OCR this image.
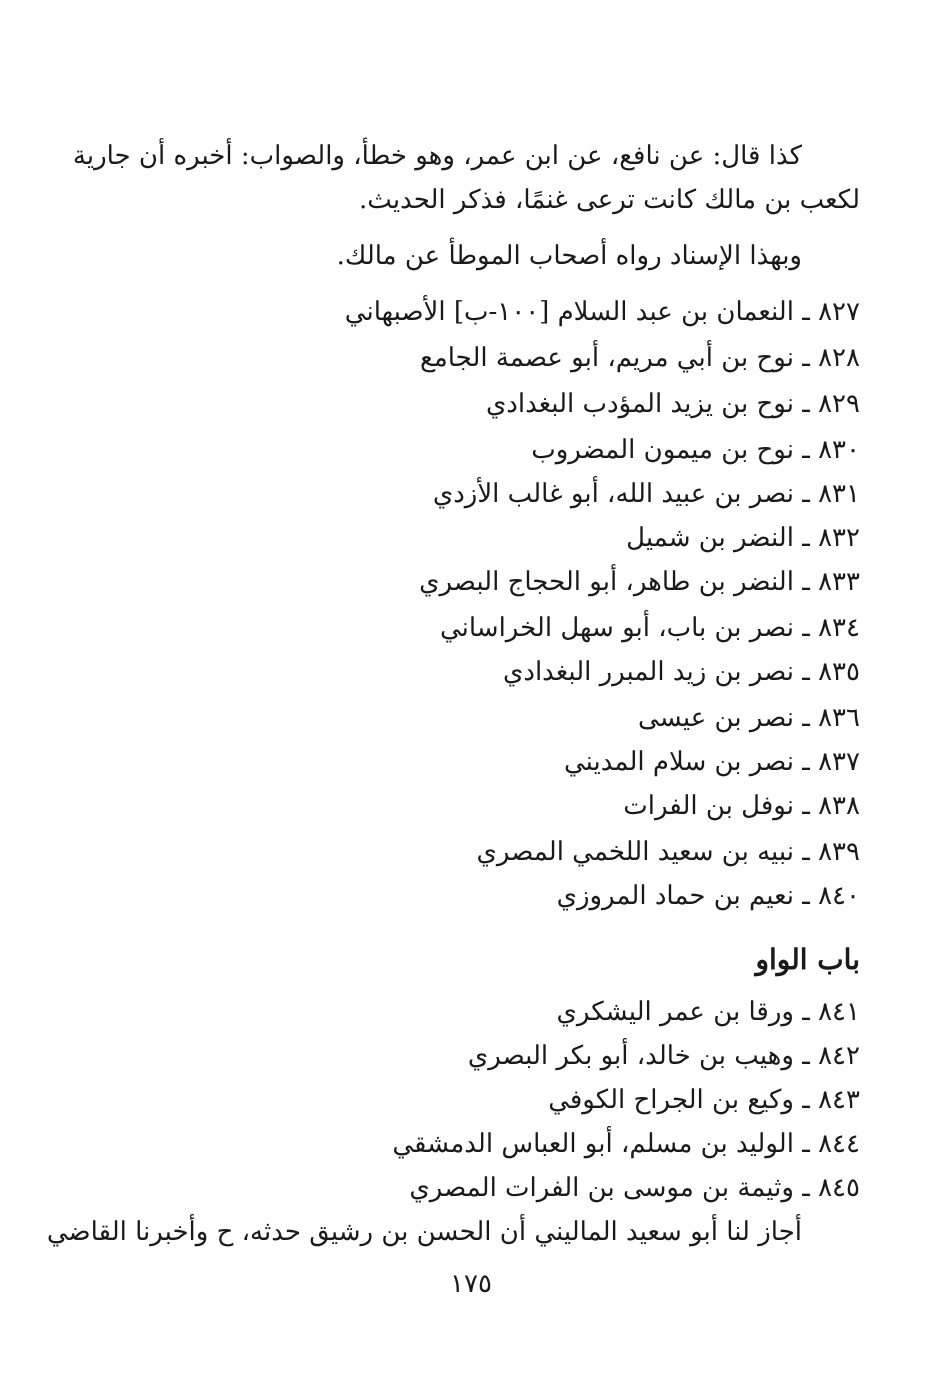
كذا قال: عن نافع، عن ابن عمر، وهو خطأ، والصواب: أخبره أن جارية
لكعب بن مالك كانت ترعى غنمًا، فذكر الحديث.
وبهذا الإسناد رواه أصحاب الموطأ عن مالك.
٨٢٧ ـ النعمان بن عبد السلام [١٠٠-ب] الأصبهاني
٨٢٨ ـ نوح بن أبي مريم، أبو عصمة الجامع
٨٢٩ ـ نوح بن يزيد المؤدب البغدادي
٨٣٠ ـ نوح بن ميمون المضروب
٨٣١ ـ نصر بن عبيد الله، أبو غالب الأزدي
٨٣٢ ـ النضر بن شميل
٨٣٣ ـ النضر بن طاهر، أبو الحجاج البصري
٨٣٤ ـ نصر بن باب، أبو سهل الخراساني
٨٣٥ ـ نصر بن زيد المبرر البغدادي
٨٣٦ ـ نصر بن عيسى
٨٣٧ ـ نصر بن سلام المديني
٨٣٨ ـ نوفل بن الفرات
٨٣٩ ـ نبيه بن سعيد اللخمي المصري
٨٤٠ ـ نعيم بن حماد المروزي
باب الواو
٨٤١ ـ ورقا بن عمر اليشكري
٨٤٢ ـ وهيب بن خالد، أبو بكر البصري
٨٤٣ ـ وكيع بن الجراح الكوفي
٨٤٤ ـ الوليد بن مسلم، أبو العباس الدمشقي
٨٤٥ ـ وثيمة بن موسى بن الفرات المصري
أجاز لنا أبو سعيد الماليني أن الحسن بن رشيق حدثه، ح وأخبرنا القاضي
١٧٥
